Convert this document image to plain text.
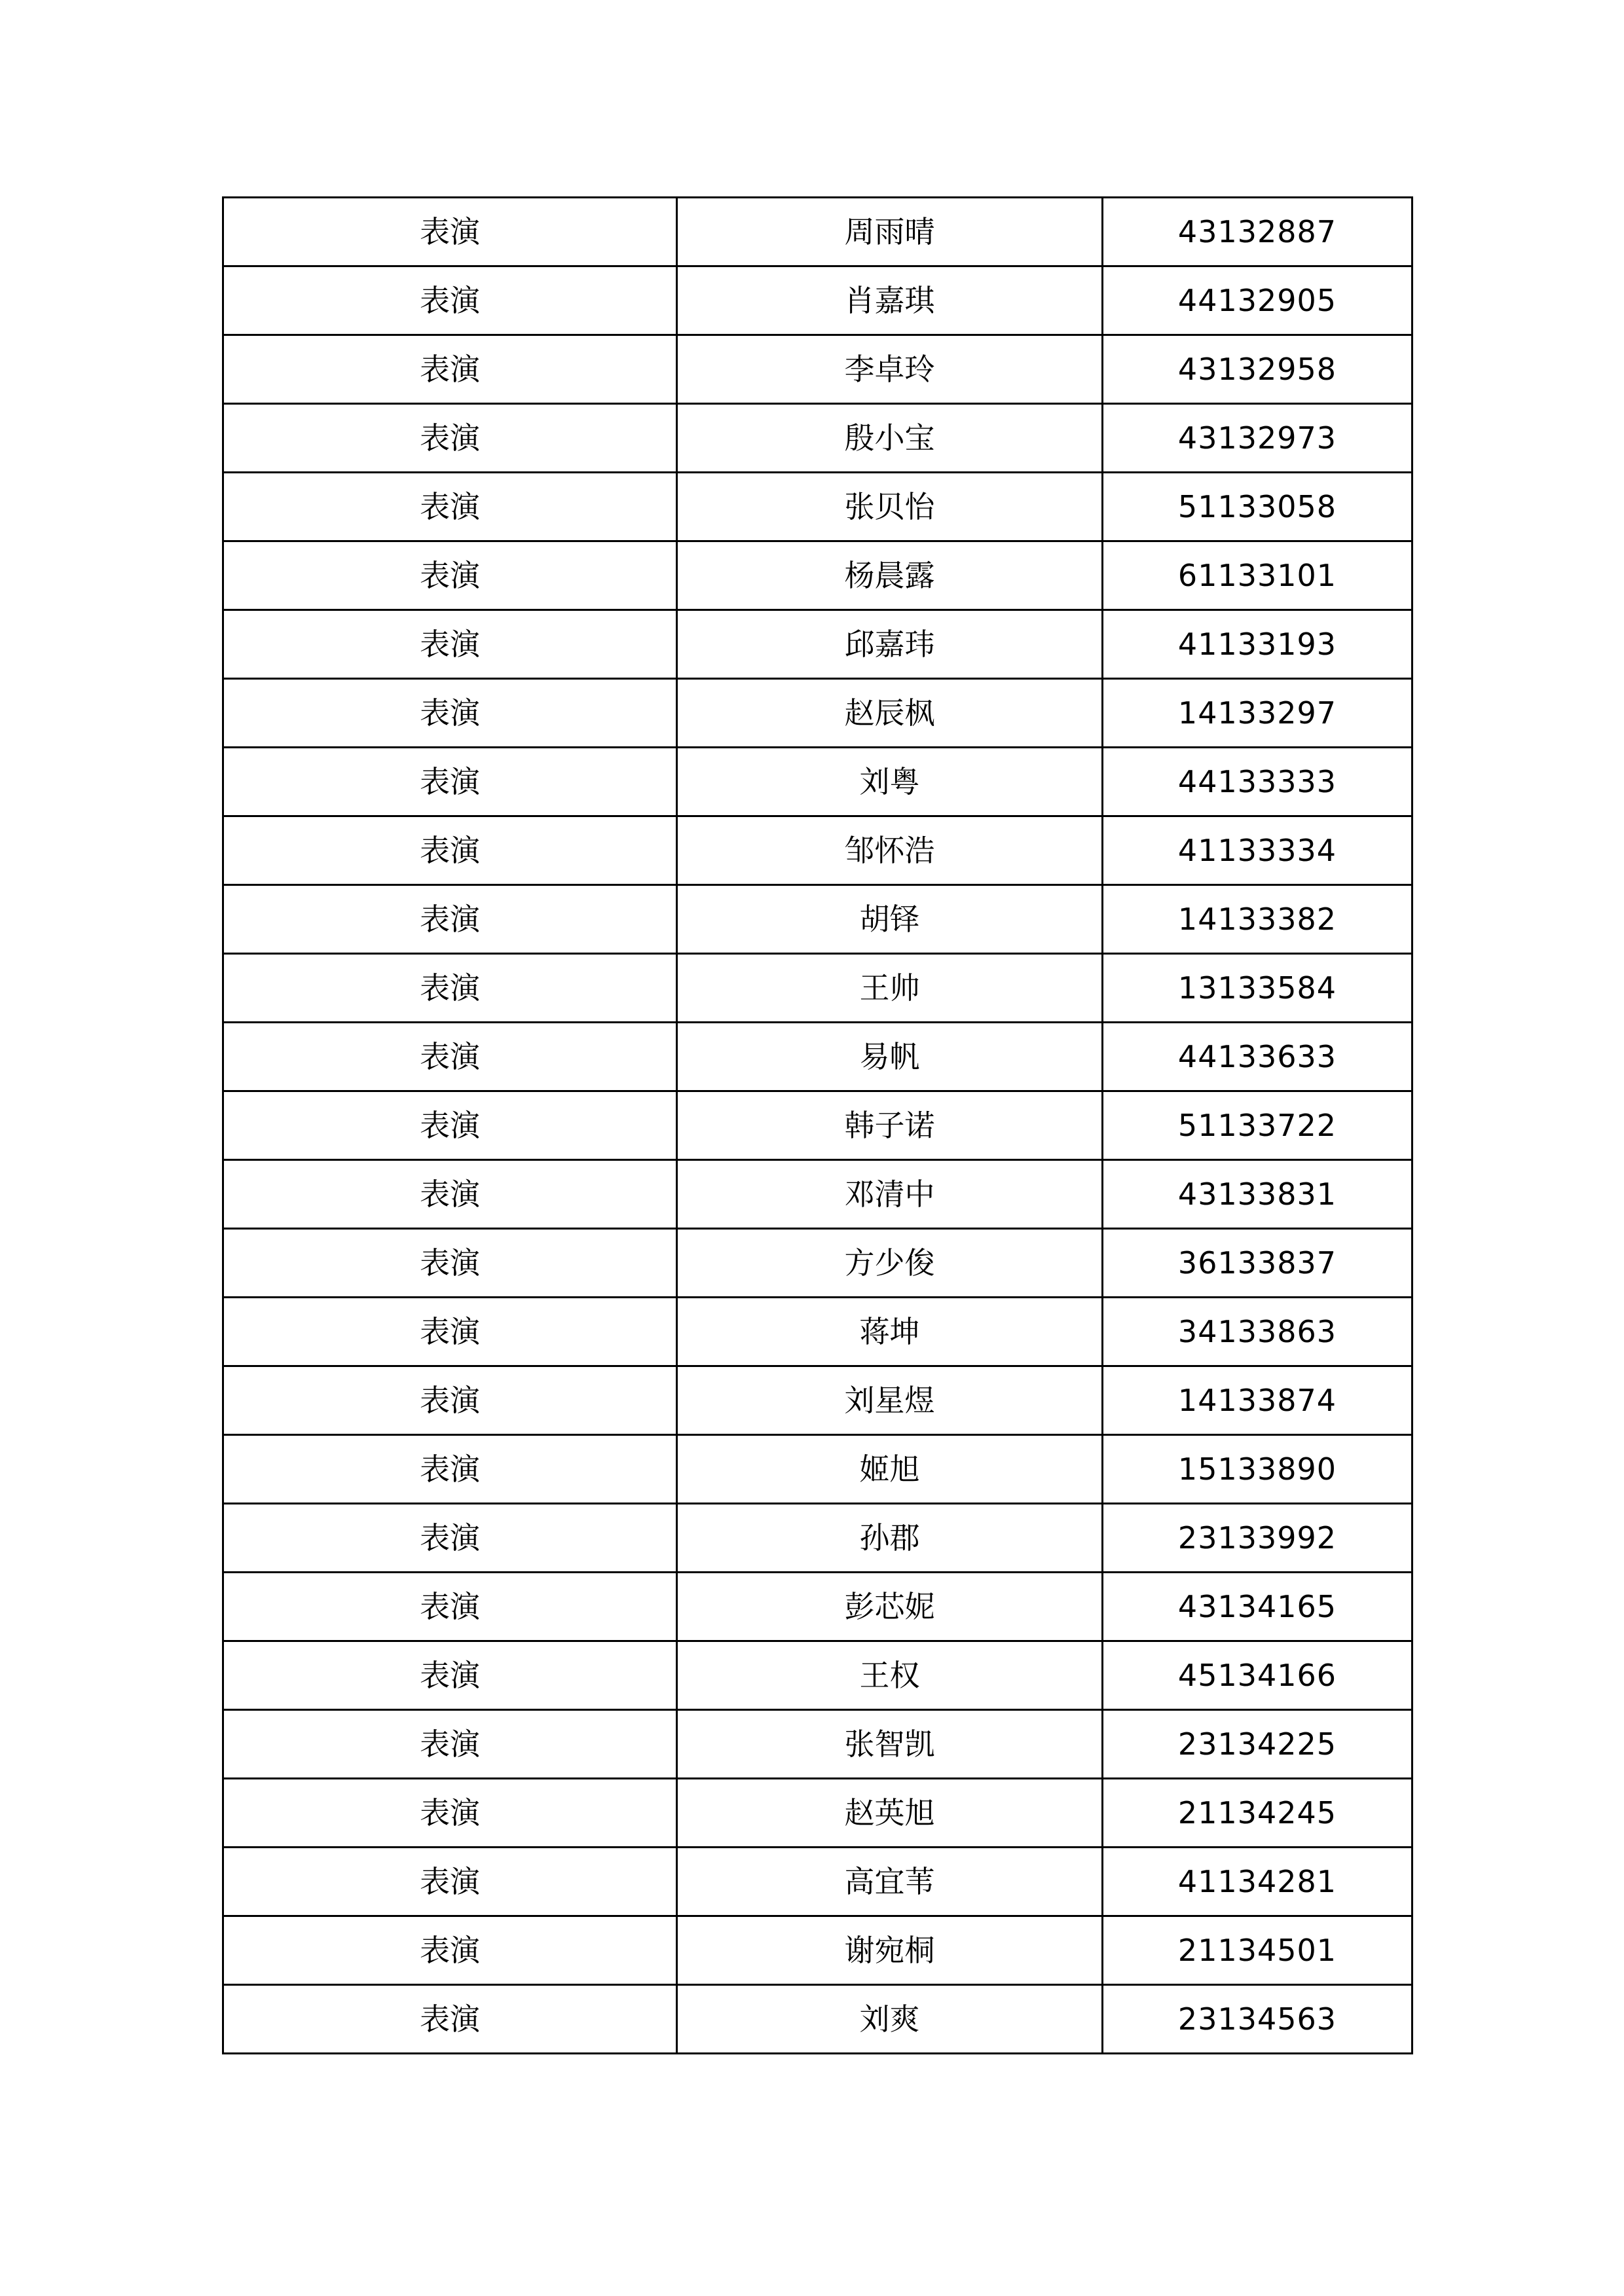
表演	周雨晴	43132887
表演	肖嘉琪	44132905
表演	李卓玲	43132958
表演	殷小宝	43132973
表演	张贝怡	51133058
表演	杨晨露	61133101
表演	邱嘉玮	41133193
表演	赵辰枫	14133297
表演	刘粤	44133333
表演	邹怀浩	41133334
表演	胡铎	14133382
表演	王帅	13133584
表演	易帆	44133633
表演	韩子诺	51133722
表演	邓清中	43133831
表演	方少俊	36133837
表演	蒋坤	34133863
表演	刘星煜	14133874
表演	姬旭	15133890
表演	孙郡	23133992
表演	彭芯妮	43134165
表演	王权	45134166
表演	张智凯	23134225
表演	赵英旭	21134245
表演	高宜苇	41134281
表演	谢宛桐	21134501
表演	刘爽	23134563
